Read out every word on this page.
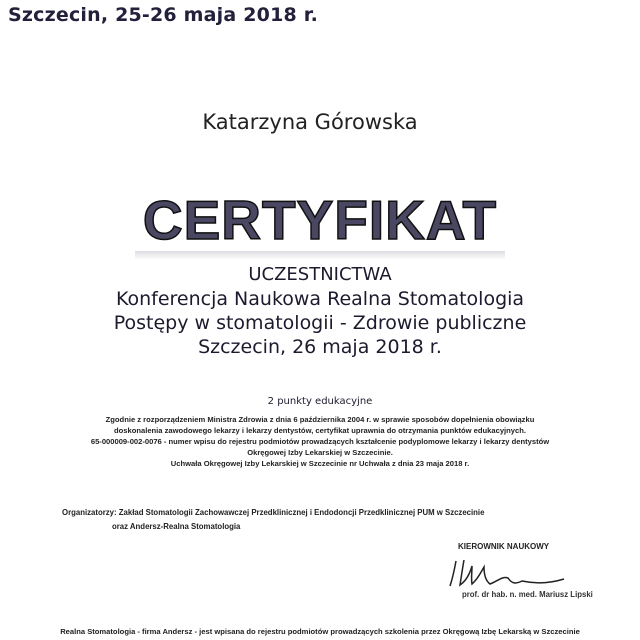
Szczecin, 25-26 maja 2018 r.
Katarzyna Górowska
CERTYFIKAT
UCZESTNICTWA
Konferencja Naukowa Realna Stomatologia
Postępy w stomatologii - Zdrowie publiczne
Szczecin, 26 maja 2018 r.
2 punkty edukacyjne
Zgodnie z rozporządzeniem Ministra Zdrowia z dnia 6 października 2004 r. w sprawie sposobów dopełnienia obowiązku
doskonalenia zawodowego lekarzy i lekarzy dentystów, certyfikat uprawnia do otrzymania punktów edukacyjnych.
65-000009-002-0076 - numer wpisu do rejestru podmiotów prowadzących kształcenie podyplomowe lekarzy i lekarzy dentystów
Okręgowej Izby Lekarskiej w Szczecinie.
Uchwała Okręgowej Izby Lekarskiej w Szczecinie nr Uchwała z dnia 23 maja 2018 r.
Organizatorzy: Zakład Stomatologii Zachowawczej Przedklinicznej i Endodoncji Przedklinicznej PUM w Szczecinie
oraz Andersz-Realna Stomatologia
KIEROWNIK NAUKOWY
prof. dr hab. n. med. Mariusz Lipski
Realna Stomatologia - firma Andersz - jest wpisana do rejestru podmiotów prowadzących szkolenia przez Okręgową Izbę Lekarską w Szczecinie
